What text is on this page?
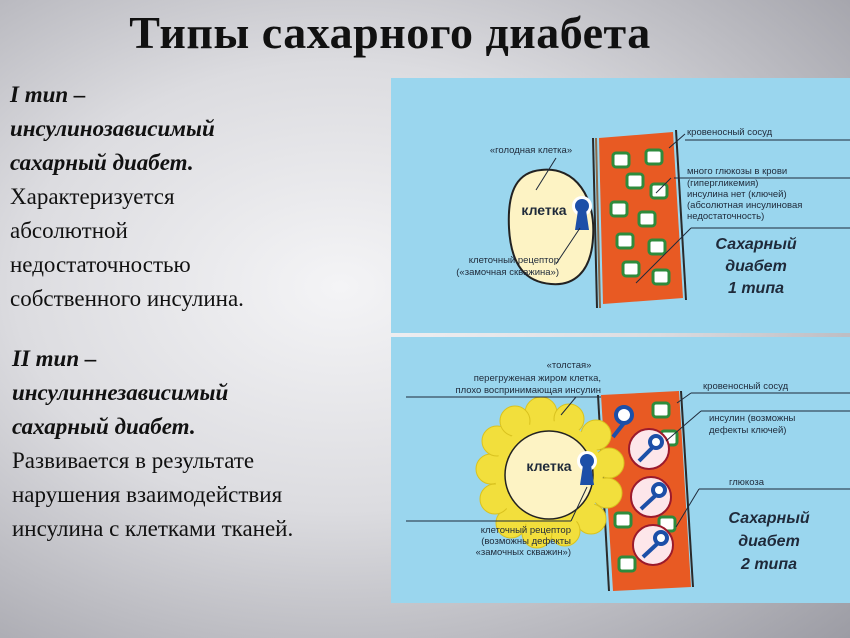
Типы сахарного диабета
I тип –
инсулинозависимый
сахарный диабет.
Характеризуется
абсолютной
недостаточностью
собственного инсулина.
II тип –
инсулиннезависимый
сахарный диабет.
Развивается в результате
нарушения взаимодействия
инсулина с клетками тканей.
клетка
«голодная клетка»
кровеносный сосуд
много глюкозы в крови
(гипергликемия)
инсулина нет (ключей)
(абсолютная инсулиновая
недостаточность)
клеточный рецептор
(«замочная скважина»)
Сахарный
диабет
1 типа
клетка
«толстая»
перегруженая жиром клетка,
плохо воспринимающая инсулин	кровеносный сосуд
инсулин (возможны
дефекты ключей)
глюкоза
клеточный рецептор
(возможны дефекты
«замочных скважин»)
Сахарный
диабет
2 типа
